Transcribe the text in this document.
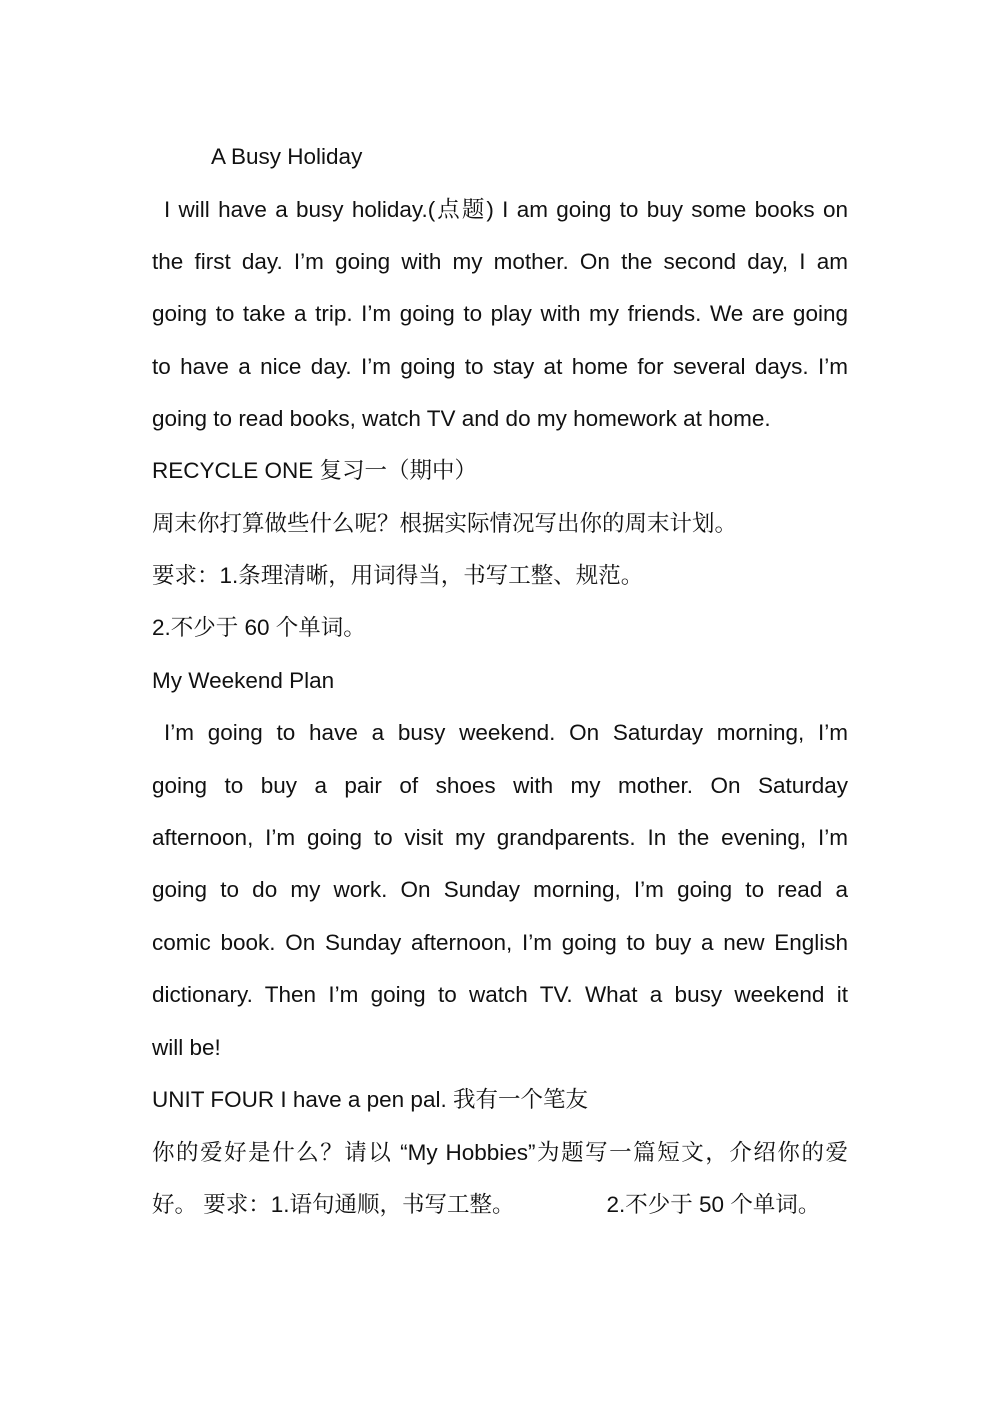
A Busy Holiday
I will have a busy holiday.(点题) I am going to buy some books on
the first day. I’m going with my mother. On the second day, I am
going to take a trip. I’m going to play with my friends. We are going
to have a nice day. I’m going to stay at home for several days. I’m
going to read books, watch TV and do my homework at home.
RECYCLE ONE 复习一（期中）
周末你打算做些什么呢？根据实际情况写出你的周末计划。
要求：1.条理清晰，用词得当，书写工整、规范。
2.不少于 60 个单词。
My Weekend Plan
I’m going to have a busy weekend. On Saturday morning, I’m
going to buy a pair of shoes with my mother. On Saturday
afternoon, I’m going to visit my grandparents. In the evening, I’m
going to do my work. On Sunday morning, I’m going to read a
comic book. On Sunday afternoon, I’m going to buy a new English
dictionary. Then I’m going to watch TV. What a busy weekend it
will be!
UNIT FOUR I have a pen pal. 我有一个笔友
你的爱好是什么？请以 “My Hobbies”为题写一篇短文，介绍你的爱
好。 要求：1.语句通顺，书写工整。	2.不少于 50 个单词。
